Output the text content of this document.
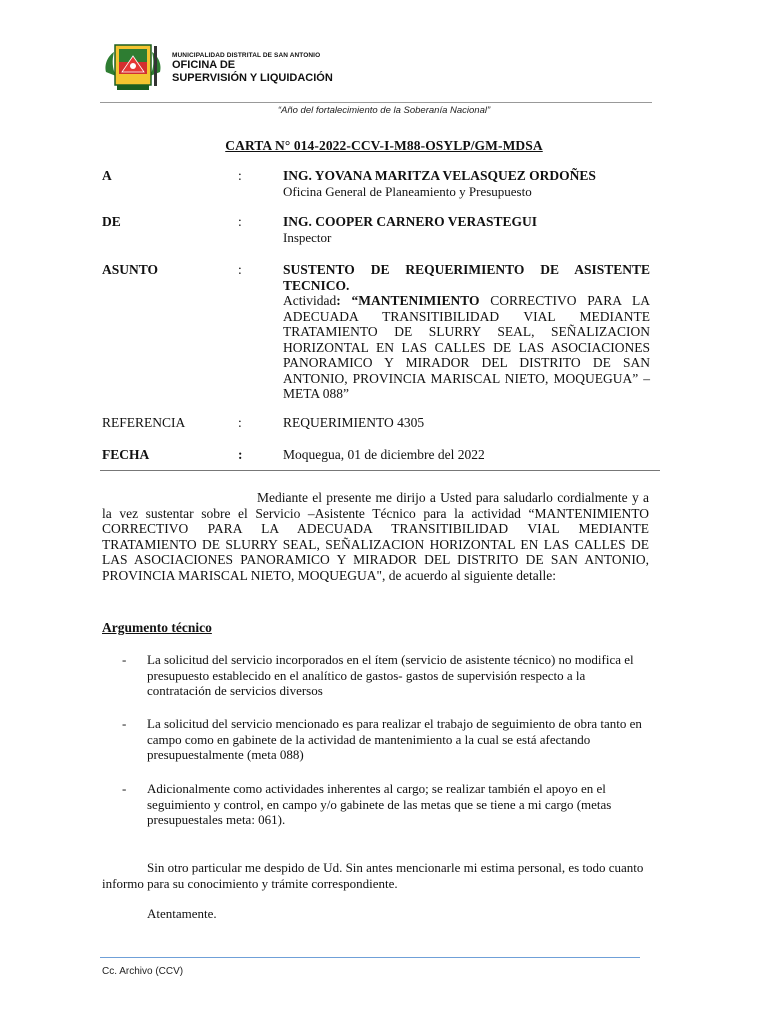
MUNICIPALIDAD DISTRITAL DE SAN ANTONIO
OFICINA DE
SUPERVISIÓN Y LIQUIDACIÓN
“Año del fortalecimiento de la Soberanía Nacional”
CARTA N° 014-2022-CCV-I-M88-OSYLP/GM-MDSA
A	:	ING. YOVANA MARITZA VELASQUEZ ORDOÑES
Oficina General de Planeamiento y Presupuesto
DE	:	ING. COOPER CARNERO VERASTEGUI
Inspector
ASUNTO	:	SUSTENTO DE REQUERIMIENTO DE ASISTENTE TECNICO.
Actividad: “MANTENIMIENTO CORRECTIVO PARA LA ADECUADA TRANSITIBILIDAD VIAL MEDIANTE TRATAMIENTO DE SLURRY SEAL, SEÑALIZACION HORIZONTAL EN LAS CALLES DE LAS ASOCIACIONES PANORAMICO Y MIRADOR DEL DISTRITO DE SAN ANTONIO, PROVINCIA MARISCAL NIETO, MOQUEGUA” – META 088”
REFERENCIA	:	REQUERIMIENTO 4305
FECHA	:	Moquegua, 01 de diciembre del 2022
Mediante el presente me dirijo a Usted para saludarlo cordialmente y a la vez sustentar sobre el Servicio –Asistente Técnico para la actividad “MANTENIMIENTO CORRECTIVO PARA LA ADECUADA TRANSITIBILIDAD VIAL MEDIANTE TRATAMIENTO DE SLURRY SEAL, SEÑALIZACION HORIZONTAL EN LAS CALLES DE LAS ASOCIACIONES PANORAMICO Y MIRADOR DEL DISTRITO DE SAN ANTONIO, PROVINCIA MARISCAL NIETO, MOQUEGUA", de acuerdo al siguiente detalle:
Argumento técnico
- La solicitud del servicio incorporados en el ítem (servicio de asistente técnico) no modifica el presupuesto establecido en el analítico de gastos- gastos de supervisión respecto a la contratación de servicios diversos
- La solicitud del servicio mencionado es para realizar el trabajo de seguimiento de obra tanto en campo como en gabinete de la actividad de mantenimiento a la cual se está afectando presupuestalmente (meta 088)
- Adicionalmente como actividades inherentes al cargo; se realizar también el apoyo en el seguimiento y control, en campo y/o gabinete de las metas que se tiene a mi cargo (metas presupuestales meta: 061).
Sin otro particular me despido de Ud. Sin antes mencionarle mi estima personal, es todo cuanto informo para su conocimiento y trámite correspondiente.
Atentamente.
Cc. Archivo (CCV)
